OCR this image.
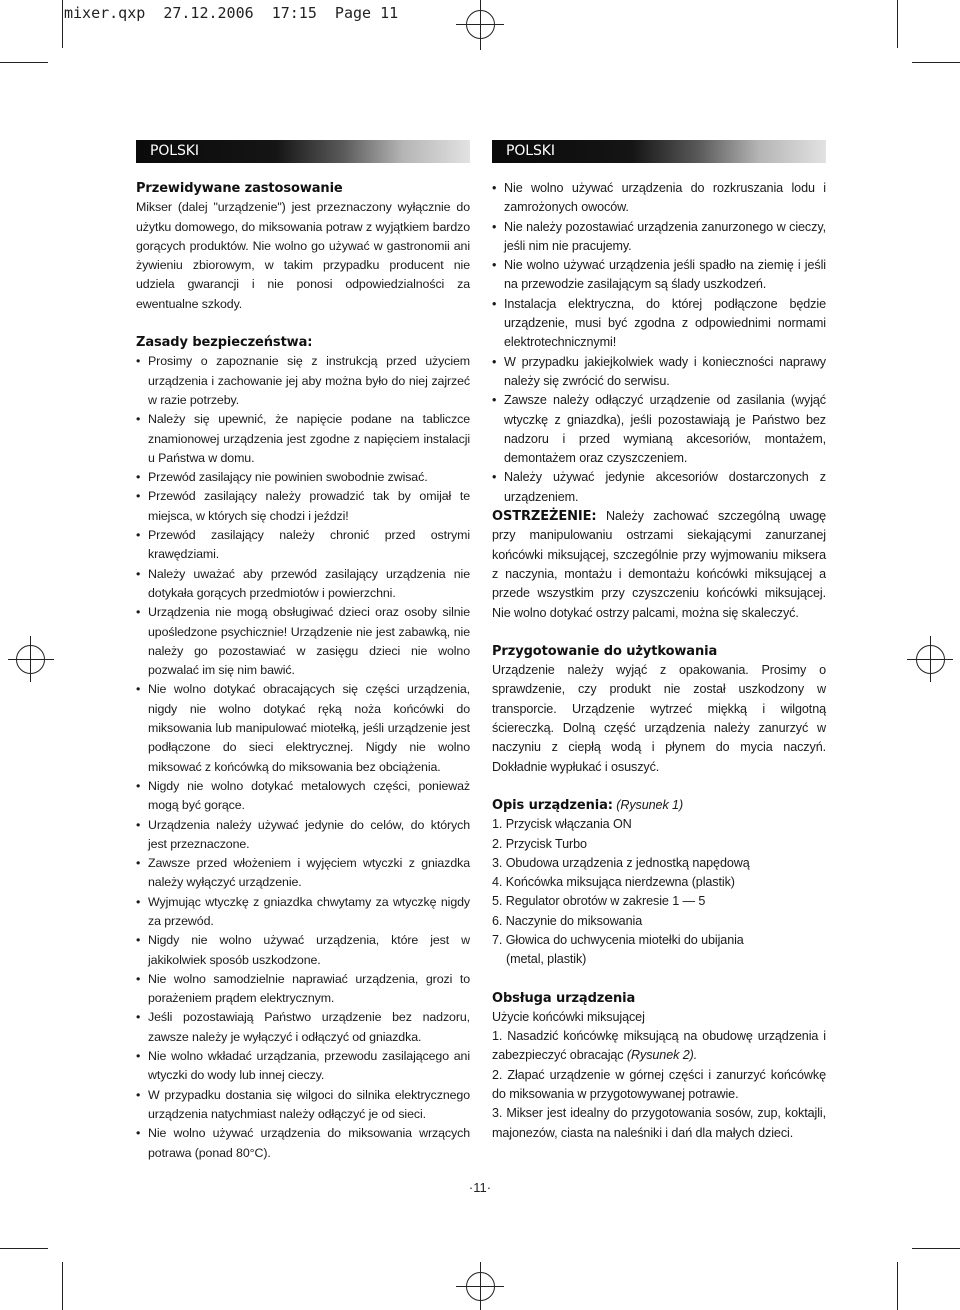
mixer.qxp  27.12.2006  17:15  Page 11
POLSKI
Przewidywane zastosowanie

Mikser (dalej "urządzenie") jest przeznaczony wyłącznie do użytku domowego, do miksowania potraw z wyjątkiem bardzo gorących produktów. Nie wolno go używać w gastronomii ani żywieniu zbiorowym, w takim przypadku producent nie udziela gwarancji i nie ponosi odpowiedzialności za ewentualne szkody.

Zasady bezpieczeństwa:

• Prosimy o zapoznanie się z instrukcją przed użyciem urządzenia i zachowanie jej aby można było do niej zajrzeć w razie potrzeby.

• Należy się upewnić, że napięcie podane na tabliczce znamionowej urządzenia jest zgodne z napięciem instalacji u Państwa w domu.

• Przewód zasilający nie powinien swobodnie zwisać.

• Przewód zasilający należy prowadzić tak by omijał te miejsca, w których się chodzi i jeździ!

• Przewód zasilający należy chronić przed ostrymi krawędziami.

• Należy uważać aby przewód zasilający urządzenia nie dotykała gorących przedmiotów i powierzchni.

• Urządzenia nie mogą obsługiwać dzieci oraz osoby silnie upośledzone psychicznie! Urządzenie nie jest zabawką, nie należy go pozostawiać w zasięgu dzieci nie wolno pozwalać im się nim bawić.

• Nie wolno dotykać obracających się części urządzenia, nigdy nie wolno dotykać ręką noża końcówki do miksowania lub manipulować miotełką, jeśli urządzenie jest podłączone do sieci elektrycznej. Nigdy nie wolno miksować z końcówką do miksowania bez obciążenia.

• Nigdy nie wolno dotykać metalowych części, ponieważ mogą być gorące.

• Urządzenia należy używać jedynie do celów, do których jest przeznaczone.

• Zawsze przed włożeniem i wyjęciem wtyczki z gniazdka należy wyłączyć urządzenie.

• Wyjmując wtyczkę z gniazdka chwytamy za wtyczkę nigdy za przewód.

• Nigdy nie wolno używać urządzenia, które jest w jakikolwiek sposób uszkodzone.

• Nie wolno samodzielnie naprawiać urządzenia, grozi to porażeniem prądem elektrycznym.

• Jeśli pozostawiają Państwo urządzenie bez nadzoru, zawsze należy je wyłączyć i odłączyć od gniazdka.

• Nie wolno wkładać urządzania, przewodu zasilającego ani wtyczki do wody lub innej cieczy.

• W przypadku dostania się wilgoci do silnika elektrycznego urządzenia natychmiast należy odłączyć je od sieci.

• Nie wolno używać urządzenia do miksowania wrzących potrawa (ponad 80°C).

POLSKI

• Nie wolno używać urządzenia do rozkruszania lodu i zamrożonych owoców.

• Nie należy pozostawiać urządzenia zanurzonego w cieczy, jeśli nim nie pracujemy.

• Nie wolno używać urządzenia jeśli spadło na ziemię i jeśli na przewodzie zasilającym są ślady uszkodzeń.

• Instalacja elektryczna, do której podłączone będzie urządzenie, musi być zgodna z odpowiednimi normami elektrotechnicznymi!

• W przypadku jakiejkolwiek wady i konieczności naprawy należy się zwrócić do serwisu.

• Zawsze należy odłączyć urządzenie od zasilania (wyjąć wtyczkę z gniazdka), jeśli pozostawiają je Państwo bez nadzoru i przed wymianą akcesoriów, montażem, demontażem oraz czyszczeniem.

• Należy używać jedynie akcesoriów dostarczonych z urządzeniem.

OSTRZEŻENIE: Należy zachować szczególną uwagę przy manipulowaniu ostrzami siekającymi zanurzanej końcówki miksującej, szczególnie przy wyjmowaniu miksera z naczynia, montażu i demontażu końcówki miksującej a przede wszystkim przy czyszczeniu końcówki miksującej. Nie wolno dotykać ostrzy palcami, można się skaleczyć.

Przygotowanie do użytkowania

Urządzenie należy wyjąć z opakowania. Prosimy o sprawdzenie, czy produkt nie został uszkodzony w transporcie. Urządzenie wytrzeć miękką i wilgotną ściereczką. Dolną część urządzenia należy zanurzyć w naczyniu z ciepłą wodą i płynem do mycia naczyń. Dokładnie wypłukać i osuszyć.

Opis urządzenia: (Rysunek 1)
1. Przycisk włączania ON
2. Przycisk Turbo
3. Obudowa urządzenia z jednostką napędową
4. Końcówka miksująca nierdzewna (plastik)
5. Regulator obrotów w zakresie 1 — 5
6. Naczynie do miksowania
7. Głowica do uchwycenia miotełki do ubijania
(metal, plastik)
Obsługa urządzenia
Użycie końcówki miksującej

1. Nasadzić końcówkę miksującą na obudowę urządzenia i zabezpieczyć obracając (Rysunek 2).

2. Złapać urządzenie w górnej części i zanurzyć końcówkę do miksowania w przygotowywanej potrawie.

3. Mikser jest idealny do przygotowania sosów, zup, koktajli, majonezów, ciasta na naleśniki i dań dla małych dzieci.

·11·
